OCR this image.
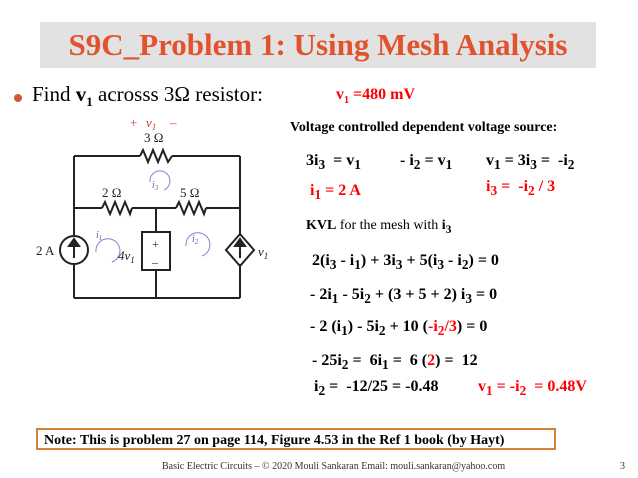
S9C_Problem 1: Using Mesh Analysis
Find $v_1$ acrosss 3Ω resistor:	$v_1 =480$ mV
Voltage controlled dependent voltage source:
$3i_3 = v_1 - i_2 = v_1$ $v_1 = 3i_3 = -i_2$
$i_1 = 2$ A	$i_3 = -i_2 / 3$
KVL for the mesh with $i_3$
$2(i_3 - i_1) + 3i_3 + 5(i_3 - i_2) = 0$
- $2i_1 - 5i_2 + (3 + 5 + 2) i_3 = 0$
- 2 $(i_1) - 5i_2 + 10$ $(-i_2/3) = 0$
- $25i_2 = 6i_1 = 6$ (2) =  12
$i_2 = -12/25 = -0.48$ $v_1 = -i_2 = 0.48V$
+ $v_1$ –
3 Ω
2 Ω	5 Ω
2 A	$4v_1$
+
–
$v_1$
$i_1$
$i_3$
$i_2$
Note: This is problem 27 on page 114, Figure 4.53 in the Ref 1 book (by Hayt)
Basic Electric Circuits – © 2020 Mouli Sankaran Email: mouli.sankaran@yahoo.com	3
